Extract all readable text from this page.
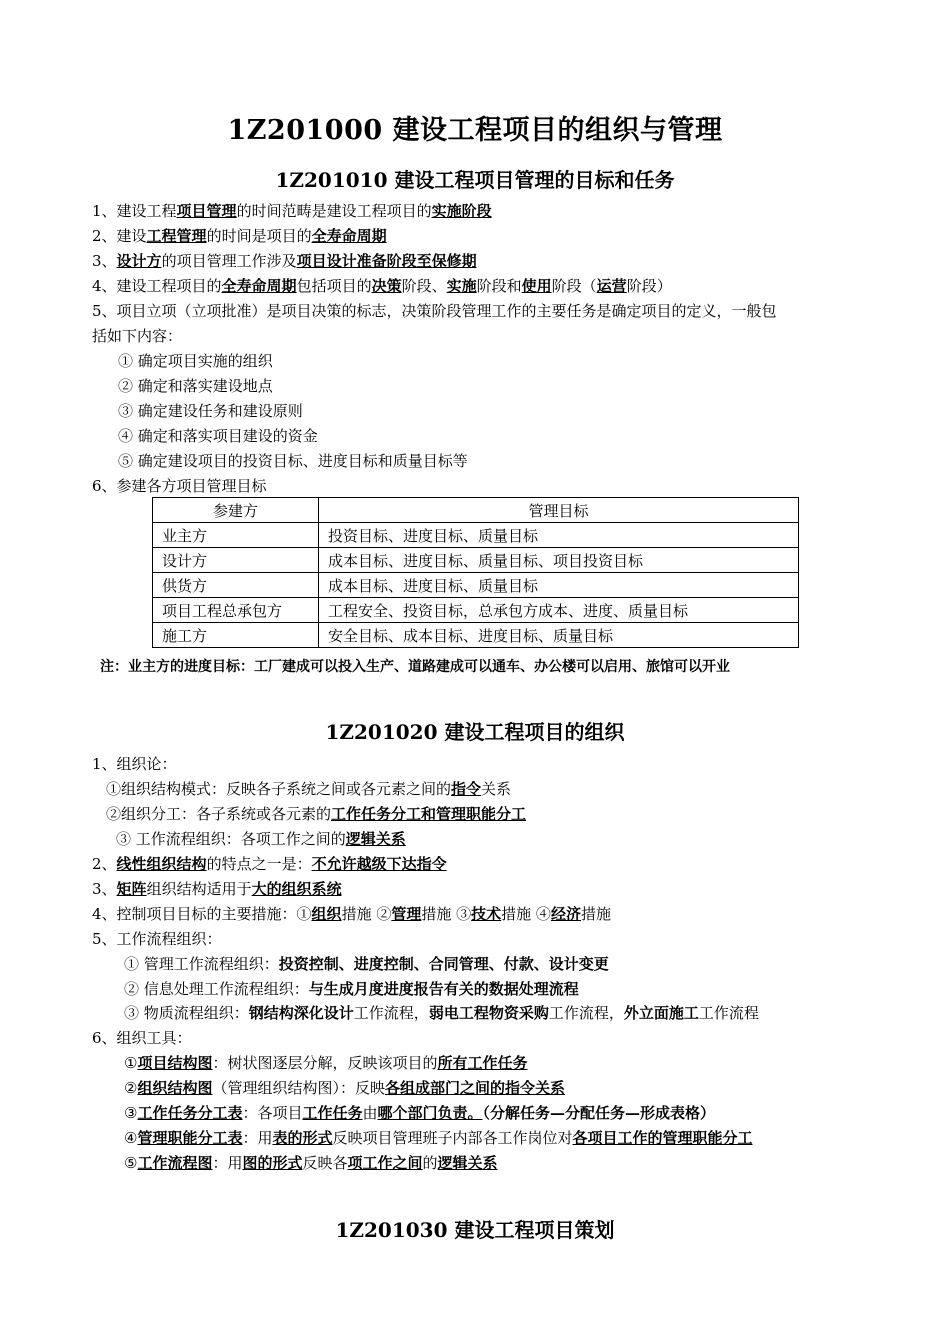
1Z201000 建设工程项目的组织与管理
1Z201010 建设工程项目管理的目标和任务
1、建设工程项目管理的时间范畴是建设工程项目的实施阶段
2、建设工程管理的时间是项目的全寿命周期
3、设计方的项目管理工作涉及项目设计准备阶段至保修期
4、建设工程项目的全寿命周期包括项目的决策阶段、实施阶段和使用阶段（运营阶段）
5、项目立项（立项批准）是项目决策的标志，决策阶段管理工作的主要任务是确定项目的定义，一般包
括如下内容：
① 确定项目实施的组织
② 确定和落实建设地点
③ 确定建设任务和建设原则
④ 确定和落实项目建设的资金
⑤ 确定建设项目的投资目标、进度目标和质量目标等
6、参建各方项目管理目标
参建方	管理目标
业主方	投资目标、进度目标、质量目标
设计方	成本目标、进度目标、质量目标、项目投资目标
供货方	成本目标、进度目标、质量目标
项目工程总承包方	工程安全、投资目标，总承包方成本、进度、质量目标
施工方	安全目标、成本目标、进度目标、质量目标
注：业主方的进度目标：工厂建成可以投入生产、道路建成可以通车、办公楼可以启用、旅馆可以开业
1Z201020 建设工程项目的组织
1、组织论：
①组织结构模式：反映各子系统之间或各元素之间的指令关系
②组织分工：各子系统或各元素的工作任务分工和管理职能分工
③ 工作流程组织：各项工作之间的逻辑关系
2、线性组织结构的特点之一是：不允许越级下达指令
3、矩阵组织结构适用于大的组织系统
4、控制项目目标的主要措施：①组织措施 ②管理措施 ③技术措施 ④经济措施
5、工作流程组织：
① 管理工作流程组织：投资控制、进度控制、合同管理、付款、设计变更
② 信息处理工作流程组织：与生成月度进度报告有关的数据处理流程
③ 物质流程组织：钢结构深化设计工作流程，弱电工程物资采购工作流程，外立面施工工作流程
6、组织工具：
①项目结构图：树状图逐层分解，反映该项目的所有工作任务
②组织结构图（管理组织结构图）：反映各组成部门之间的指令关系
③工作任务分工表：各项目工作任务由哪个部门负责。（分解任务—分配任务—形成表格）
④管理职能分工表：用表的形式反映项目管理班子内部各工作岗位对各项目工作的管理职能分工
⑤工作流程图：用图的形式反映各项工作之间的逻辑关系
1Z201030 建设工程项目策划
